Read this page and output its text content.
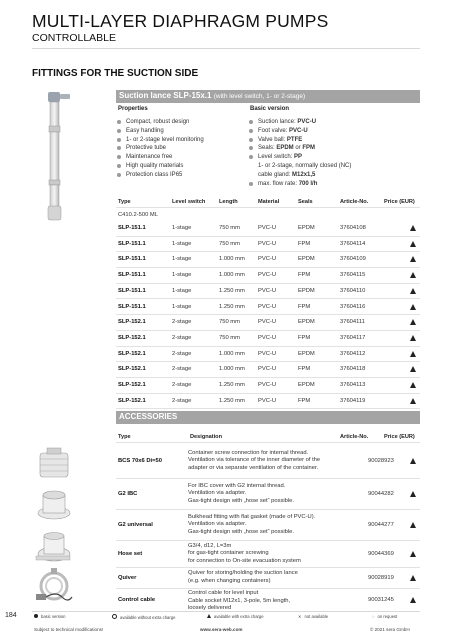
MULTI-LAYER DIAPHRAGM PUMPS
CONTROLLABLE
FITTINGS FOR THE SUCTION SIDE
Suction lance SLP-15x.1 (with level switch, 1- or 2-stage)
Properties	Basic version
Compact, robust design
Easy handling
1- or 2-stage level monitoring
Protective tube
Maintenance free
High quality materials
Protection class IP65
Suction lance: PVC-U
Foot valve: PVC-U
Valve ball: PTFE
Seals: EPDM or FPM
Level switch: PP
1- or 2-stage, normally closed (NC)
cable gland: M12x1,5
max. flow rate: 700 l/h
Type	Level switch Length	Material	Seals	Article-No.	Price (EUR)
C410.2-500 ML
SLP-151.1	1-stage	750 mm	PVC-U	EPDM	37604108
SLP-151.1	1-stage	750 mm	PVC-U	FPM	37604114
SLP-151.1	1-stage	1.000 mm PVC-U	EPDM	37604109
SLP-151.1	1-stage	1.000 mm PVC-U	FPM	37604115
SLP-151.1	1-stage	1.250 mm PVC-U	EPDM	37604110
SLP-151.1	1-stage	1.250 mm PVC-U	FPM	37604116
SLP-152.1	2-stage	750 mm	PVC-U	EPDM	37604111
SLP-152.1	2-stage	750 mm	PVC-U	FPM	37604117
SLP-152.1	2-stage	1.000 mm PVC-U	EPDM	37604112
SLP-152.1	2-stage	1.000 mm PVC-U	FPM	37604118
SLP-152.1	2-stage	1.250 mm PVC-U	EPDM	37604113
SLP-152.1	2-stage	1.250 mm PVC-U	FPM	37604119
ACCESSORIES
Type	Designation	Article-No.	Price (EUR)
BCS 70x6 Di=50
Container screw connection for internal thread.
Ventilation via tolerance of the inner diameter of the
adapter or via separate ventilation of the container.
90028923
G2 IBC
For IBC cover with G2 internal thread.
Ventilation via adapter.
Gas-tight design with „hose set“ possible.
90044282
G2 universal
Bulkhead fitting with flat gasket (made of PVC-U).
Ventilation via adapter.
Gas-tight design with „hose set“ possible.
90044277
Hose set
G3/4, d12, L=3m
for gas-tight container screwing
for connection to On-site evacuation system
90044369
Quiver
Quiver for storing/holding the suction lance
(e.g. when changing containers)	90028919
Control cable
Control cable for level input
Cable socket M12x1, 3-pole, 5m length,
loosely delivered
90031245
184	basic version	available without extra charge	available with extra charge	✕ not available	◌ on request
Subject to technical modifications!	www.sera-web.com	© 2021 sera GmbH
